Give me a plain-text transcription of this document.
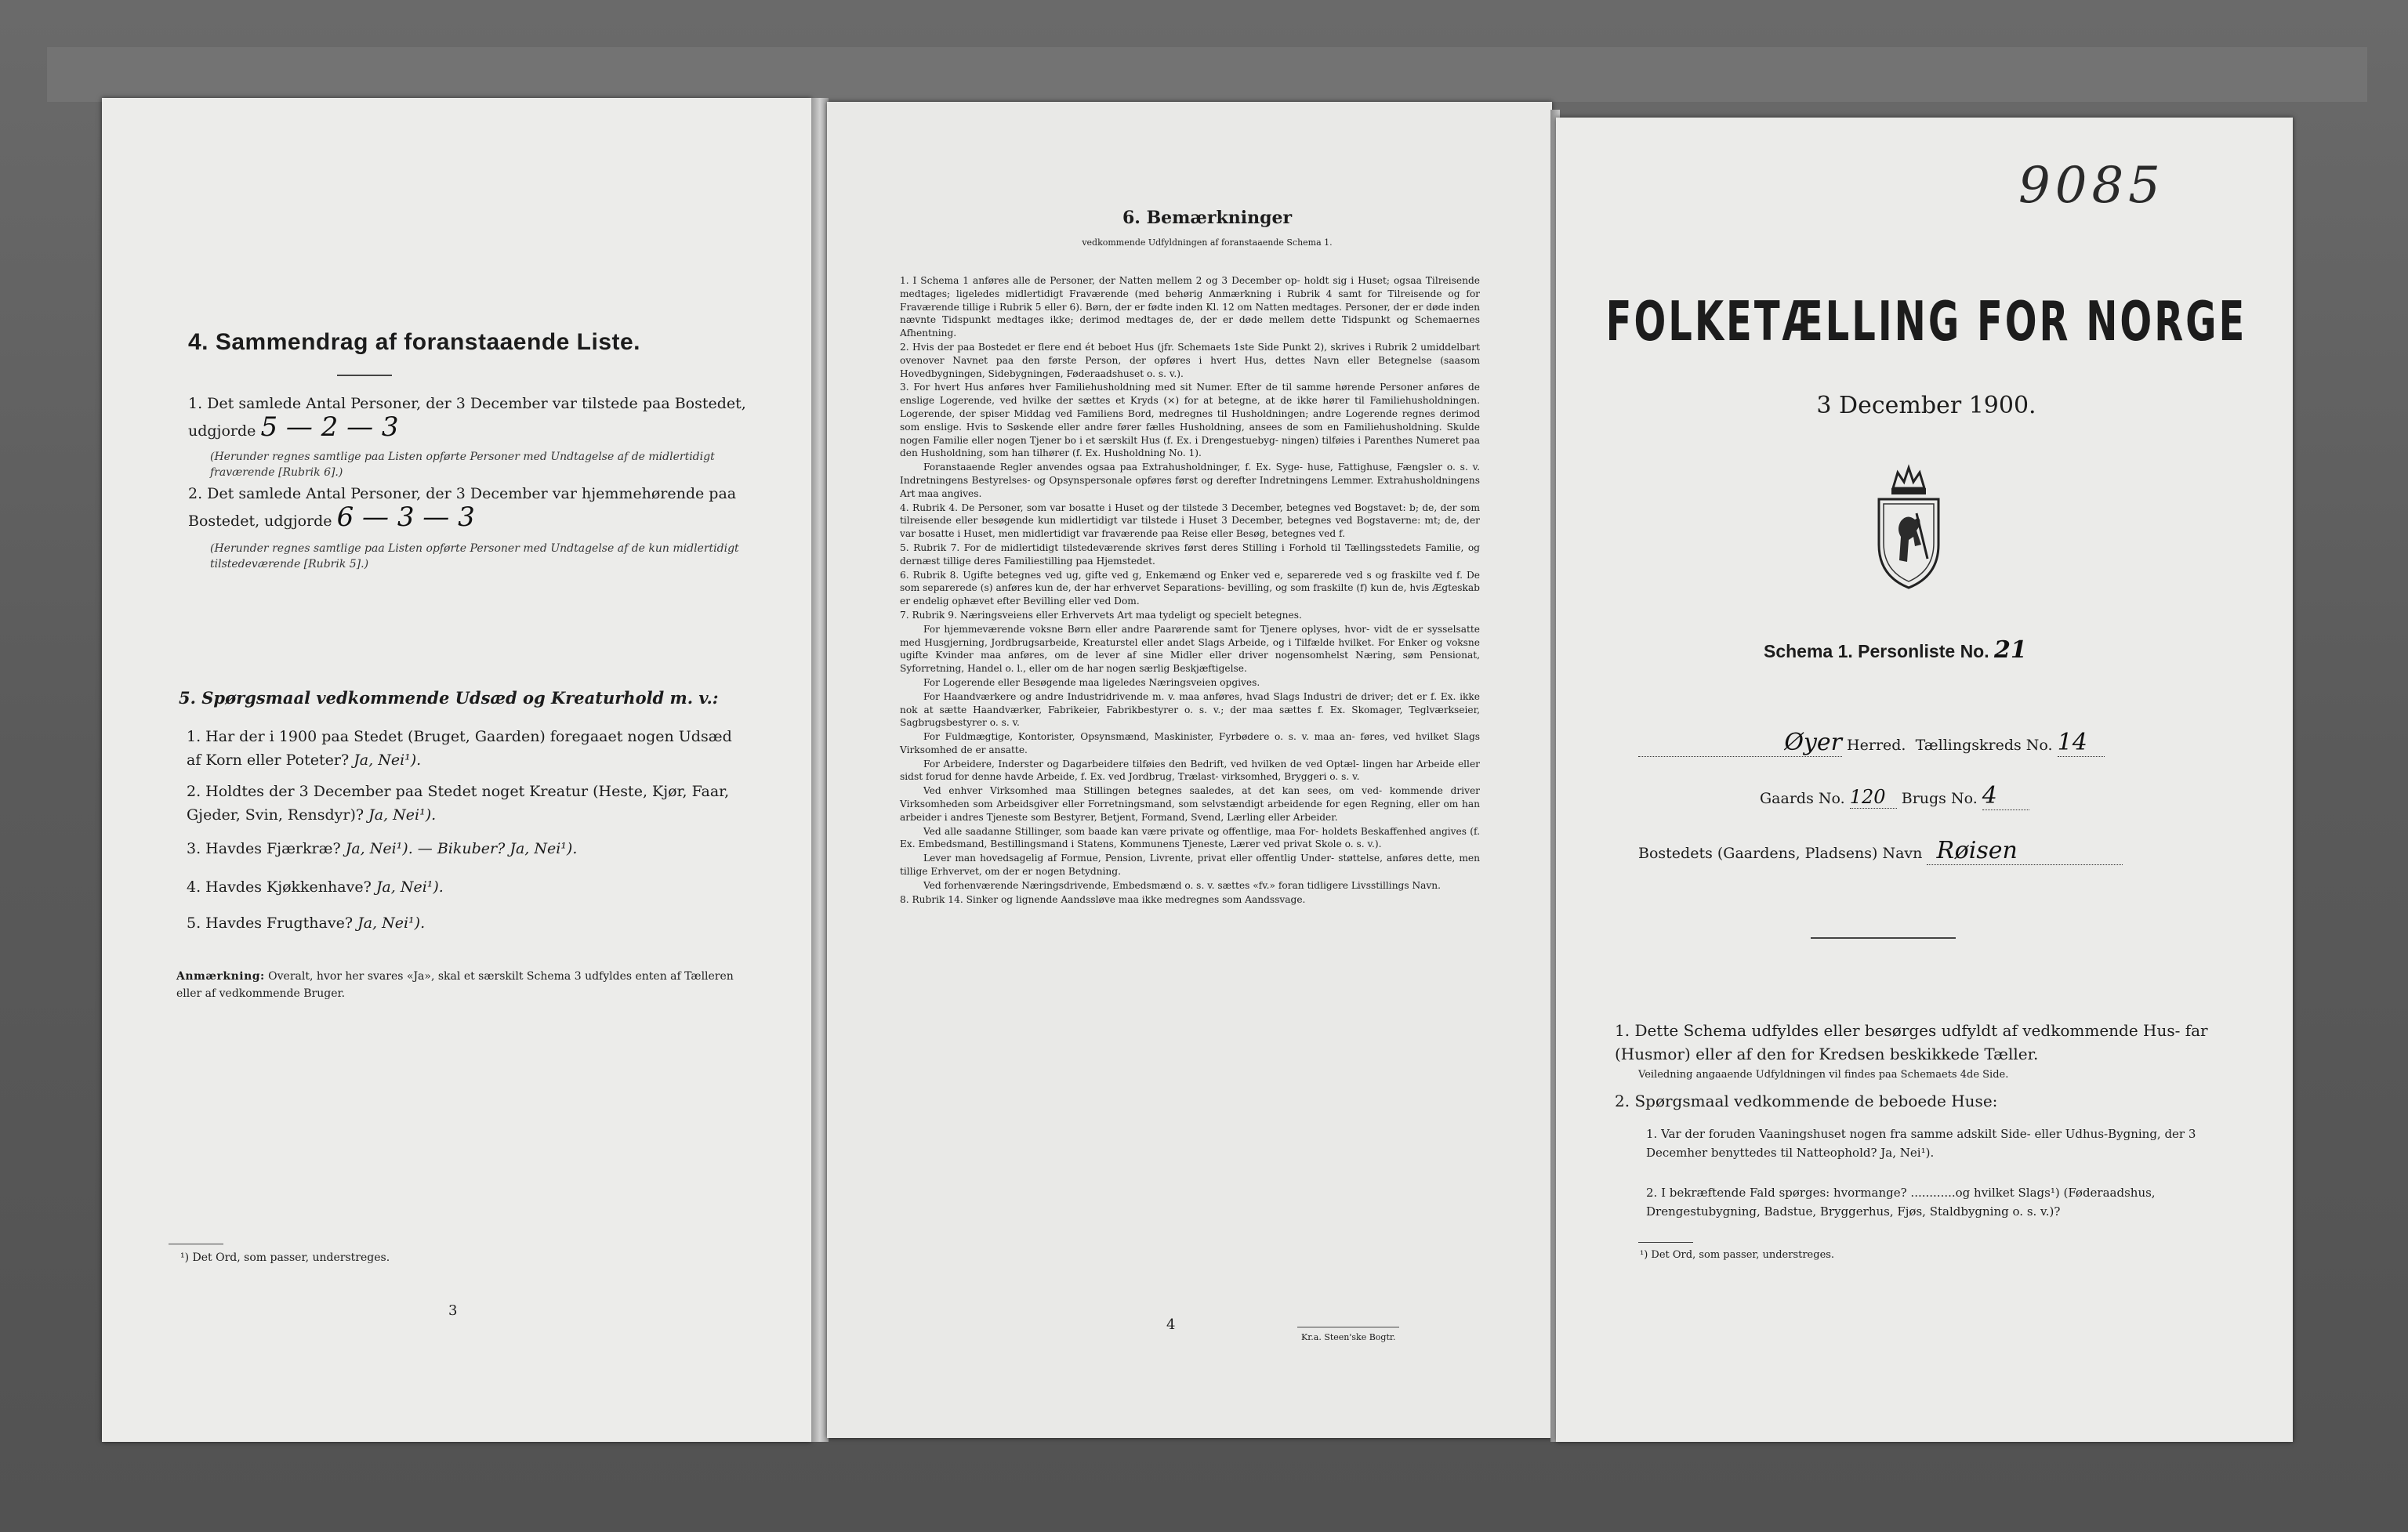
4. Sammendrag af foranstaaende Liste.
1. Det samlede Antal Personer, der 3 December var tilstede paa Bostedet, udgjorde 5 — 2 — 3
(Herunder regnes samtlige paa Listen opførte Personer med Undtagelse af de midlertidigt fraværende [Rubrik 6].)
2. Det samlede Antal Personer, der 3 December var hjemmehørende paa Bostedet, udgjorde 6 — 3 — 3
(Herunder regnes samtlige paa Listen opførte Personer med Undtagelse af de kun midlertidigt tilstedeværende [Rubrik 5].)
5. Spørgsmaal vedkommende Udsæd og Kreaturhold m. v.:
1. Har der i 1900 paa Stedet (Bruget, Gaarden) foregaaet nogen Udsæd af Korn eller Poteter? Ja, Nei¹).
2. Holdtes der 3 December paa Stedet noget Kreatur (Heste, Kjør, Faar, Gjeder, Svin, Rensdyr)? Ja, Nei¹).
3. Havdes Fjærkræ? Ja, Nei¹). — Bikuber? Ja, Nei¹).
4. Havdes Kjøkkenhave? Ja, Nei¹).
5. Havdes Frugthave? Ja, Nei¹).
Anmærkning: Overalt, hvor her svares «Ja», skal et særskilt Schema 3 udfyldes enten af Tælleren eller af vedkommende Bruger.
¹) Det Ord, som passer, understreges.
3
6. Bemærkninger
vedkommende Udfyldningen af foranstaaende Schema 1.

1. I Schema 1 anføres alle de Personer, der Natten mellem 2 og 3 December op- holdt sig i Huset; ogsaa Tilreisende medtages; ligeledes midlertidigt Fraværende (med behørig Anmærkning i Rubrik 4 samt for Tilreisende og for Fraværende tillige i Rubrik 5 eller 6). Børn, der er fødte inden Kl. 12 om Natten medtages. Personer, der er døde inden nævnte Tidspunkt medtages ikke; derimod medtages de, der er døde mellem dette Tidspunkt og Schemaernes Afhentning.

2. Hvis der paa Bostedet er flere end ét beboet Hus (jfr. Schemaets 1ste Side Punkt 2), skrives i Rubrik 2 umiddelbart ovenover Navnet paa den første Person, der opføres i hvert Hus, dettes Navn eller Betegnelse (saasom Hovedbygningen, Sidebygningen, Føderaadshuset o. s. v.).

3. For hvert Hus anføres hver Familiehusholdning med sit Numer. Efter de til samme hørende Personer anføres de enslige Logerende, ved hvilke der sættes et Kryds (×) for at betegne, at de ikke hører til Familiehusholdningen. Logerende, der spiser Middag ved Familiens Bord, medregnes til Husholdningen; andre Logerende regnes derimod som enslige. Hvis to Søskende eller andre fører fælles Husholdning, ansees de som en Familiehusholdning. Skulde nogen Familie eller nogen Tjener bo i et særskilt Hus (f. Ex. i Drengestuebyg- ningen) tilføies i Parenthes Numeret paa den Husholdning, som han tilhører (f. Ex. Husholdning No. 1).

Foranstaaende Regler anvendes ogsaa paa Extrahusholdninger, f. Ex. Syge- huse, Fattighuse, Fængsler o. s. v. Indretningens Bestyrelses- og Opsynspersonale opføres først og derefter Indretningens Lemmer. Extrahusholdningens Art maa angives.

4. Rubrik 4. De Personer, som var bosatte i Huset og der tilstede 3 December, betegnes ved Bogstavet: b; de, der som tilreisende eller besøgende kun midlertidigt var tilstede i Huset 3 December, betegnes ved Bogstaverne: mt; de, der var bosatte i Huset, men midlertidigt var fraværende paa Reise eller Besøg, betegnes ved f.

5. Rubrik 7. For de midlertidigt tilstedeværende skrives først deres Stilling i Forhold til Tællingsstedets Familie, og dernæst tillige deres Familiestilling paa Hjemstedet.

6. Rubrik 8. Ugifte betegnes ved ug, gifte ved g, Enkemænd og Enker ved e, separerede ved s og fraskilte ved f. De som separerede (s) anføres kun de, der har erhvervet Separations- bevilling, og som fraskilte (f) kun de, hvis Ægteskab er endelig ophævet efter Bevilling eller ved Dom.

7. Rubrik 9. Næringsveiens eller Erhvervets Art maa tydeligt og specielt betegnes.

For hjemmeværende voksne Børn eller andre Paarørende samt for Tjenere oplyses, hvor- vidt de er sysselsatte med Husgjerning, Jordbrugsarbeide, Kreaturstel eller andet Slags Arbeide, og i Tilfælde hvilket. For Enker og voksne ugifte Kvinder maa anføres, om de lever af sine Midler eller driver nogensomhelst Næring, søm Pensionat, Syforretning, Handel o. l., eller om de har nogen særlig Beskjæftigelse.

For Logerende eller Besøgende maa ligeledes Næringsveien opgives.

For Haandværkere og andre Industridrivende m. v. maa anføres, hvad Slags Industri de driver; det er f. Ex. ikke nok at sætte Haandværker, Fabrikeier, Fabrikbestyrer o. s. v.; der maa sættes f. Ex. Skomager, Teglværkseier, Sagbrugsbestyrer o. s. v.

For Fuldmægtige, Kontorister, Opsynsmænd, Maskinister, Fyrbødere o. s. v. maa an- føres, ved hvilket Slags Virksomhed de er ansatte.

For Arbeidere, Inderster og Dagarbeidere tilføies den Bedrift, ved hvilken de ved Optæl- lingen har Arbeide eller sidst forud for denne havde Arbeide, f. Ex. ved Jordbrug, Trælast- virksomhed, Bryggeri o. s. v.

Ved enhver Virksomhed maa Stillingen betegnes saaledes, at det kan sees, om ved- kommende driver Virksomheden som Arbeidsgiver eller Forretningsmand, som selvstændigt arbeidende for egen Regning, eller om han arbeider i andres Tjeneste som Bestyrer, Betjent, Formand, Svend, Lærling eller Arbeider.

Ved alle saadanne Stillinger, som baade kan være private og offentlige, maa For- holdets Beskaffenhed angives (f. Ex. Embedsmand, Bestillingsmand i Statens, Kommunens Tjeneste, Lærer ved privat Skole o. s. v.).

Lever man hovedsagelig af Formue, Pension, Livrente, privat eller offentlig Under- støttelse, anføres dette, men tillige Erhvervet, om der er nogen Betydning.

Ved forhenværende Næringsdrivende, Embedsmænd o. s. v. sættes «fv.» foran tidligere Livsstillings Navn.

8. Rubrik 14. Sinker og lignende Aandssløve maa ikke medregnes som Aandssvage.

4
Kr.a. Steen'ske Bogtr.
9085
FOLKETÆLLING FOR NORGE
3 December 1900.
Schema 1. Personliste No. 21
Øyer Herred. Tællingskreds No. 14
Gaards No. 120 Brugs No. 4
Bostedets (Gaardens, Pladsens) Navn Røisen
1. Dette Schema udfyldes eller besørges udfyldt af vedkommende Hus- far (Husmor) eller af den for Kredsen beskikkede Tæller.
Veiledning angaaende Udfyldningen vil findes paa Schemaets 4de Side.
2. Spørgsmaal vedkommende de beboede Huse:
1. Var der foruden Vaaningshuset nogen fra samme adskilt Side- eller Udhus-Bygning, der 3 Decemher benyttedes til Natteophold? Ja, Nei¹).
2. I bekræftende Fald spørges: hvormange? ............og hvilket Slags¹) (Føderaadshus, Drengestubygning, Badstue, Bryggerhus, Fjøs, Staldbygning o. s. v.)?
¹) Det Ord, som passer, understreges.
